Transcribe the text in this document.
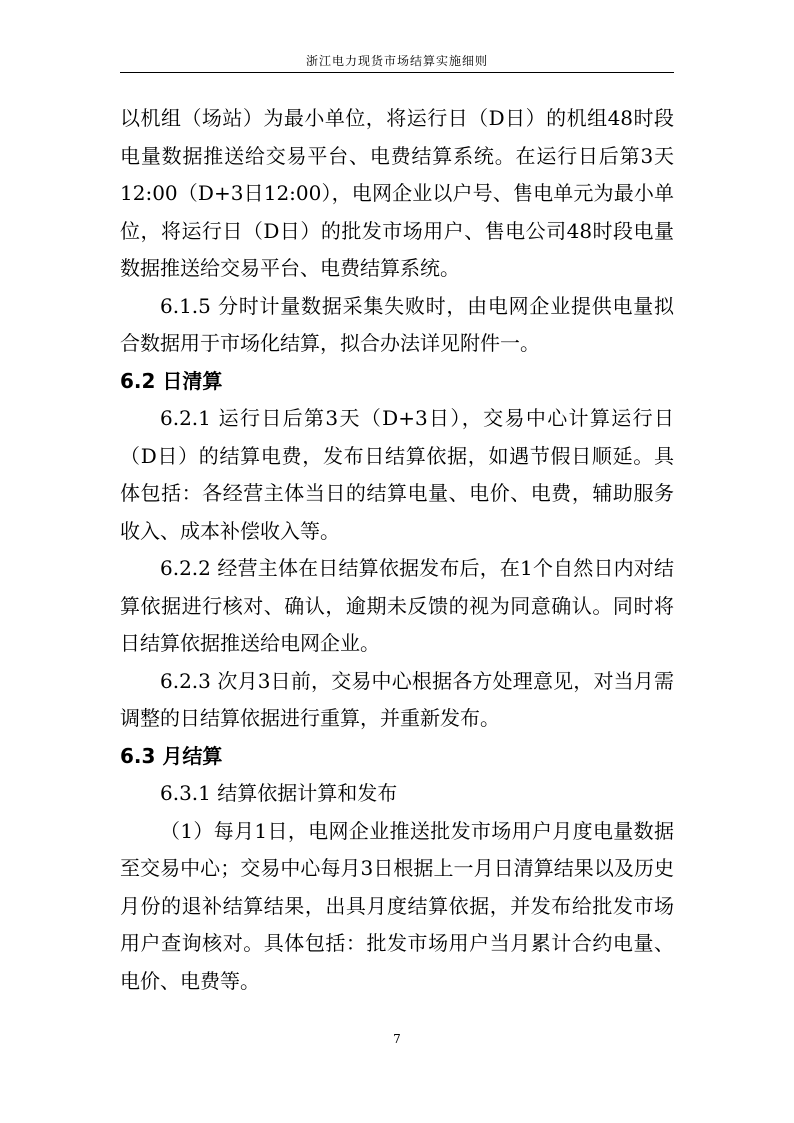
浙江电力现货市场结算实施细则

以机组（场站）为最小单位，将运行日（D日）的机组48时段电量数据推送给交易平台、电费结算系统。在运行日后第3天12:00（D+3日12:00），电网企业以户号、售电单元为最小单位，将运行日（D日）的批发市场用户、售电公司48时段电量数据推送给交易平台、电费结算系统。

6.1.5 分时计量数据采集失败时，由电网企业提供电量拟合数据用于市场化结算，拟合办法详见附件一。

6.2 日清算

6.2.1 运行日后第3天（D+3日），交易中心计算运行日（D日）的结算电费，发布日结算依据，如遇节假日顺延。具体包括：各经营主体当日的结算电量、电价、电费，辅助服务收入、成本补偿收入等。

6.2.2 经营主体在日结算依据发布后，在1个自然日内对结算依据进行核对、确认，逾期未反馈的视为同意确认。同时将日结算依据推送给电网企业。

6.2.3 次月3日前，交易中心根据各方处理意见，对当月需调整的日结算依据进行重算，并重新发布。

6.3 月结算

6.3.1 结算依据计算和发布

（1）每月1日，电网企业推送批发市场用户月度电量数据至交易中心；交易中心每月3日根据上一月日清算结果以及历史月份的退补结算结果，出具月度结算依据，并发布给批发市场用户查询核对。具体包括：批发市场用户当月累计合约电量、电价、电费等。

7
